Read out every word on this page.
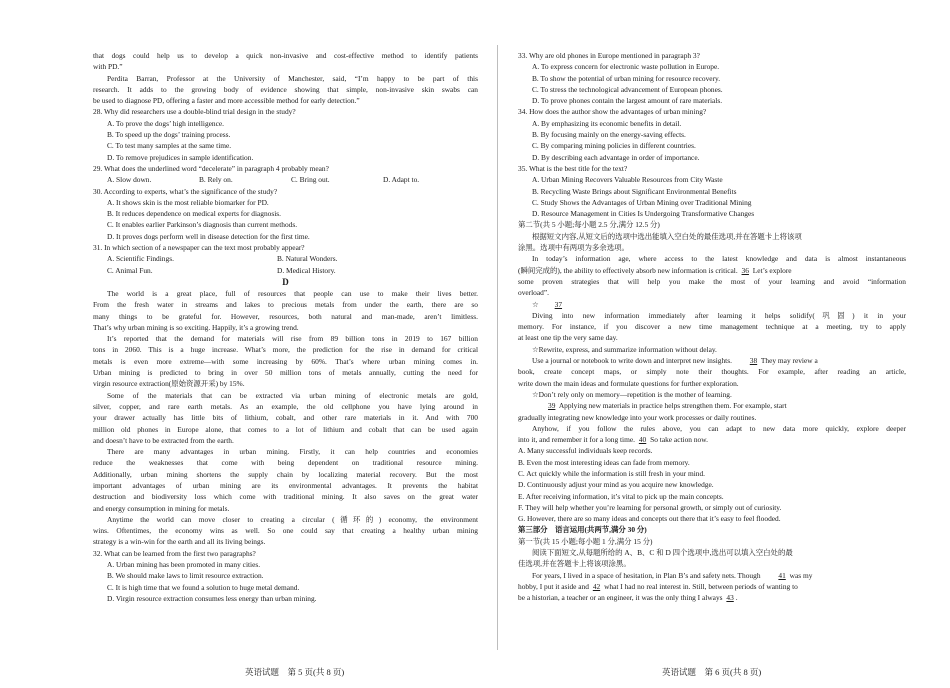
that dogs could help us to develop a quick non-invasive and cost-effective method to identify patients

with PD.”

Perdita Barran, Professor at the University of Manchester, said, “I’m happy to be part of this

research. It adds to the growing body of evidence showing that simple, non-invasive skin swabs can

be used to diagnose PD, offering a faster and more accessible method for early detection.”

28. Why did researchers use a double-blind trial design in the study?

A. To prove the dogs’ high intelligence.

B. To speed up the dogs’ training process.

C. To test many samples at the same time.

D. To remove prejudices in sample identification.

29. What does the underlined word “decelerate” in paragraph 4 probably mean?

A. Slow down.	B. Rely on.	C. Bring out.	D. Adapt to.

30. According to experts, what’s the significance of the study?

A. It shows skin is the most reliable biomarker for PD.

B. It reduces dependence on medical experts for diagnosis.

C. It enables earlier Parkinson’s diagnosis than current methods.

D. It proves dogs perform well in disease detection for the first time.

31. In which section of a newspaper can the text most probably appear?

A. Scientific Findings.	B. Natural Wonders.
C. Animal Fun.	D. Medical History.

D

The world is a great place, full of resources that people can use to make their lives better.

From the fresh water in streams and lakes to precious metals from under the earth, there are so

many things to be grateful for. However, resources, both natural and man-made, aren’t limitless.

That’s why urban mining is so exciting. Happily, it’s a growing trend.

It’s reported that the demand for materials will rise from 89 billion tons in 2019 to 167 billion

tons in 2060. This is a huge increase. What’s more, the prediction for the rise in demand for critical

metals is even more extreme—with some increasing by 60%. That’s where urban mining comes in.

Urban mining is predicted to bring in over 50 million tons of metals annually, cutting the need for

virgin resource extraction(原始资源开采) by 15%.

Some of the materials that can be extracted via urban mining of electronic metals are gold,

silver, copper, and rare earth metals. As an example, the old cellphone you have lying around in

your drawer actually has little bits of lithium, cobalt, and other rare materials in it. And with 700

million old phones in Europe alone, that comes to a lot of lithium and cobalt that can be used again

and doesn’t have to be extracted from the earth.

There are many advantages in urban mining. Firstly, it can help countries and economies

reduce the weaknesses that come with being dependent on traditional resource mining.

Additionally, urban mining shortens the supply chain by localizing material recovery. But the most

important advantages of urban mining are its environmental advantages. It prevents the habitat

destruction and biodiversity loss which come with traditional mining. It also saves on the great water

and energy consumption in mining for metals.

Anytime the world can move closer to creating a circular (循环的) economy, the environment

wins. Oftentimes, the economy wins as well. So one could say that creating a healthy urban mining

strategy is a win-win for the earth and all its living beings.

32. What can be learned from the first two paragraphs?

A. Urban mining has been promoted in many cities.

B. We should make laws to limit resource extraction.

C. It is high time that we found a solution to huge metal demand.

D. Virgin resource extraction consumes less energy than urban mining.

33. Why are old phones in Europe mentioned in paragraph 3?

A. To express concern for electronic waste pollution in Europe.

B. To show the potential of urban mining for resource recovery.

C. To stress the technological advancement of European phones.

D. To prove phones contain the largest amount of rare materials.

34. How does the author show the advantages of urban mining?

A. By emphasizing its economic benefits in detail.

B. By focusing mainly on the energy-saving effects.

C. By comparing mining policies in different countries.

D. By describing each advantage in order of importance.

35. What is the best title for the text?

A. Urban Mining Recovers Valuable Resources from City Waste

B. Recycling Waste Brings about Significant Environmental Benefits

C. Study Shows the Advantages of Urban Mining over Traditional Mining

D. Resource Management in Cities Is Undergoing Transformative Changes

第二节(共 5 小题;每小题 2.5 分,满分 12.5 分)

根据短文内容,从短文后的选项中选出能填入空白处的最佳选项,并在答题卡上将该项

涂黑。选项中有两项为多余选项。

In today’s information age, where access to the latest knowledge and data is almost instantaneous

(瞬间完成的), the ability to effectively absorb new information is critical. 36 Let’s explore

some proven strategies that will help you make the most of your learning and avoid “information

overload”.

☆ 37

Diving into new information immediately after learning it helps solidify(巩固) it in your

memory. For instance, if you discover a new time management technique at a meeting, try to apply

at least one tip the very same day.

☆Rewrite, express, and summarize information without delay.

Use a journal or notebook to write down and interpret new insights. 38 They may review a

book, create concept maps, or simply note their thoughts. For example, after reading an article,

write down the main ideas and formulate questions for further exploration.

☆Don’t rely only on memory—repetition is the mother of learning.

39 Applying new materials in practice helps strengthen them. For example, start

gradually integrating new knowledge into your work processes or daily routines.

Anyhow, if you follow the rules above, you can adapt to new data more quickly, explore deeper

into it, and remember it for a long time. 40 So take action now.

A. Many successful individuals keep records.

B. Even the most interesting ideas can fade from memory.

C. Act quickly while the information is still fresh in your mind.

D. Continuously adjust your mind as you acquire new knowledge.

E. After receiving information, it’s vital to pick up the main concepts.

F. They will help whether you’re learning for personal growth, or simply out of curiosity.

G. However, there are so many ideas and concepts out there that it’s easy to feel flooded.

第三部分　语言运用(共两节,满分 30 分)

第一节(共 15 小题;每小题 1 分,满分 15 分)

阅读下面短文,从每题所给的 A、B、C 和 D 四个选项中,选出可以填入空白处的最

佳选项,并在答题卡上将该项涂黑。

For years, I lived in a space of hesitation, in Plan B’s and safety nets. Though 41 was my

hobby, I put it aside and 42 what I had no real interest in. Still, between periods of wanting to

be a historian, a teacher or an engineer, it was the only thing I always 43 .

英语试题　第 5 页(共 8 页)	英语试题　第 6 页(共 8 页)
